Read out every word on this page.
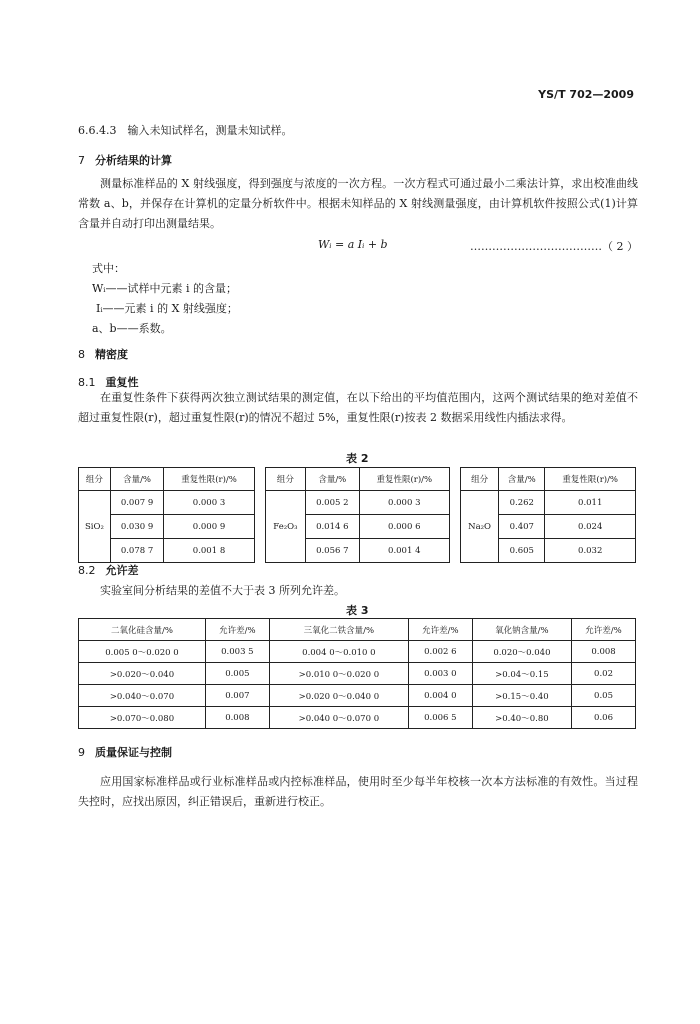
YS/T 702—2009
6.6.4.3　输入未知试样名，测量未知试样。
7 分析结果的计算
测量标准样品的 X 射线强度，得到强度与浓度的一次方程。一次方程式可通过最小二乘法计算，求出校准曲线常数 a、b，并保存在计算机的定量分析软件中。根据未知样品的 X 射线测量强度，由计算机软件按照公式(1)计算含量并自动打印出测量结果。
Wᵢ = a Iᵢ + b	………………………………（ 2 ）
式中：
Wᵢ——试样中元素 i 的含量；
Iᵢ——元素 i 的 X 射线强度；
a、b——系数。
8 精密度
8.1 重复性
在重复性条件下获得两次独立测试结果的测定值，在以下给出的平均值范围内，这两个测试结果的绝对差值不超过重复性限(r)，超过重复性限(r)的情况不超过 5%，重复性限(r)按表 2 数据采用线性内插法求得。
表 2
组分	含量/%	重复性限(r)/%		组分	含量/%	重复性限(r)/%		组分	含量/%	重复性限(r)/%
SiO₂	0.007 9	0.000 3		Fe₂O₃	0.005 2	0.000 3		Na₂O	0.262	0.011
	0.030 9	0.000 9			0.014 6	0.000 6			0.407	0.024
	0.078 7	0.001 8			0.056 7	0.001 4			0.605	0.032
8.2 允许差
实验室间分析结果的差值不大于表 3 所列允许差。
表 3
二氧化硅含量/%	允许差/%	三氧化二铁含量/%	允许差/%	氧化钠含量/%	允许差/%
0.005 0～0.020 0	0.003 5	0.004 0～0.010 0	0.002 6	0.020～0.040	0.008
>0.020～0.040	0.005	>0.010 0～0.020 0	0.003 0	>0.04～0.15	0.02
>0.040～0.070	0.007	>0.020 0～0.040 0	0.004 0	>0.15～0.40	0.05
>0.070～0.080	0.008	>0.040 0～0.070 0	0.006 5	>0.40～0.80	0.06
9 质量保证与控制
应用国家标准样品或行业标准样品或内控标准样品，使用时至少每半年校核一次本方法标准的有效性。当过程失控时，应找出原因，纠正错误后，重新进行校正。
